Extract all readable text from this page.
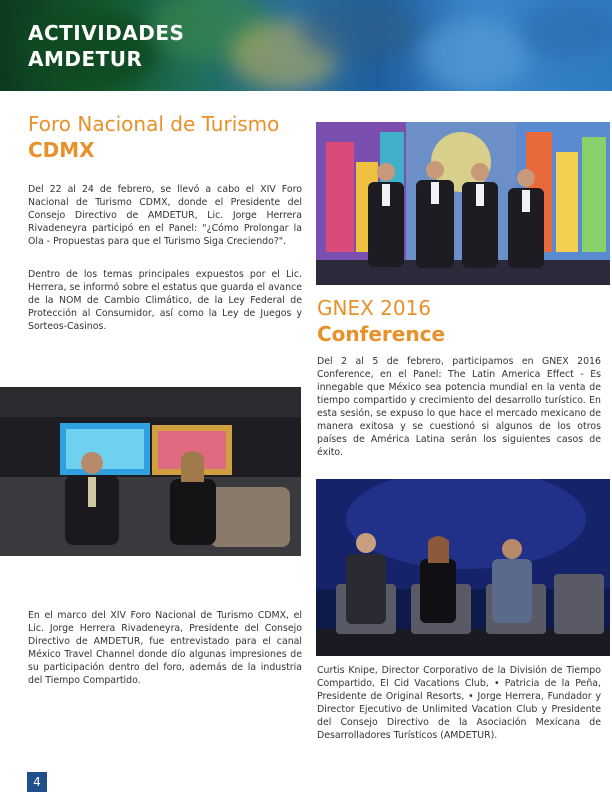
ACTIVIDADES
AMDETUR
Foro Nacional de Turismo
CDMX

Del 22 al 24 de febrero, se llevó a cabo el XIV Foro Nacional de Turismo CDMX, donde el Presidente del Consejo Directivo de AMDETUR, Lic. Jorge Herrera Rivadeneyra participó en el Panel: "¿Cómo Prolongar la Ola - Propuestas para que el Turismo Siga Creciendo?".

Dentro de los temas principales expuestos por el Lic. Herrera, se informó sobre el estatus que guarda el avance de la NOM de Cambio Climático, de la Ley Federal de Protección al Consumidor, así como la Ley de Juegos y Sorteos-Casinos.

GNEX 2016
Conference

Del 2 al 5 de febrero, participamos en GNEX 2016 Conference, en el Panel: The Latin America Effect - Es innegable que México sea potencia mundial en la venta de tiempo compartido y crecimiento del desarrollo turístico. En esta sesión, se expuso lo que hace el mercado mexicano de manera exitosa y se cuestionó si algunos de los otros países de América Latina serán los siguientes casos de éxito.

En el marco del XIV Foro Nacional de Turismo CDMX, el Lic. Jorge Herrera Rivadeneyra, Presidente del Consejo Directivo de AMDETUR, fue entrevistado para el canal México Travel Channel donde dío algunas impresiones de su participación dentro del foro, además de la industria del Tiempo Compartido.

Curtis Knipe, Director Corporativo de la División de Tiempo Compartido, El Cid Vacations Club, • Patricia de la Peña, Presidente de Original Resorts, • Jorge Herrera, Fundador y Director Ejecutivo de Unlimited Vacation Club y Presidente del Consejo Directivo de la Asociación Mexicana de Desarrolladores Turísticos (AMDETUR).

4
